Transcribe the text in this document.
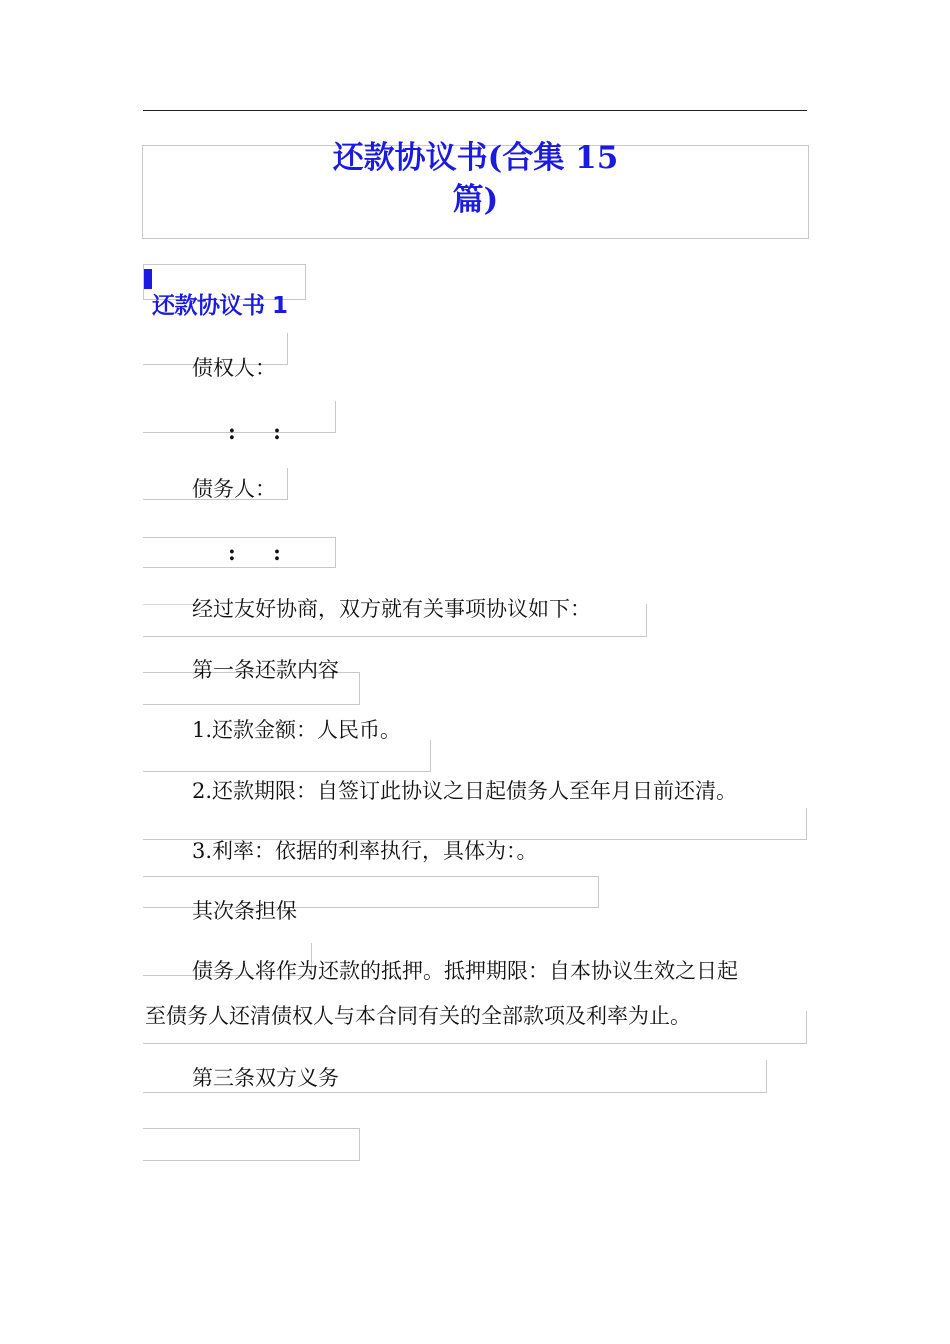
还款协议书(合集 15
篇)
还款协议书 1
债权人：
: :
债务人：
: :
经过友好协商，双方就有关事项协议如下：
第一条还款内容
1.还款金额：人民币。
2.还款期限：自签订此协议之日起债务人至年月日前还清。
3.利率：依据的利率执行，具体为：。
其次条担保
债务人将作为还款的抵押。抵押期限：自本协议生效之日起
至债务人还清债权人与本合同有关的全部款项及利率为止。
第三条双方义务
